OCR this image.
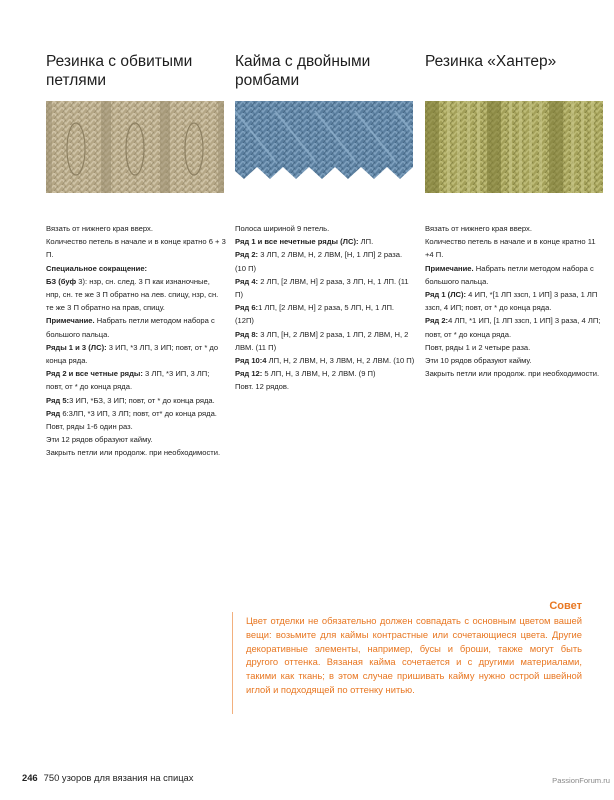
Резинка с обвитыми петлями
Кайма с двойными ромбами
Резинка «Хантер»

Вязать от нижнего края вверх.

Количество петель в начале и в конце кратно 6 + 3 П.

Специальное сокращение:

БЗ (буф 3): нзр, сн. след. 3 П как изнаночные, нпр, сн. те же 3 П обратно на лев. спицу, нзр, сн. те же 3 П обратно на прав, спицу.

Примечание. Набрать петли методом набора с большого пальца.

Ряды 1 и 3 (ЛС): 3 ИП, *3 ЛП, 3 ИП; повт, от * до конца ряда.

Ряд 2 и все четные ряды: 3 ЛП, *3 ИП, 3 ЛП; повт, от * до конца ряда.

Ряд 5:3 ИП, *БЗ, 3 ИП; повт, от * до конца ряда.

Ряд 6:3ЛП, *3 ИП, 3 ЛП; повт, от* до конца ряда.

Повт, ряды 1-6 один раз.

Эти 12 рядов образуют кайму.

Закрыть петли или продолж. при необходимости.

Полоса шириной 9 петель.

Ряд 1 и все нечетные ряды (ЛС): ЛП.

Ряд 2: 3 ЛП, 2 ЛВМ, Н, 2 ЛВМ, [Н, 1 ЛП] 2 раза. (10 П)

Ряд 4: 2 ЛП, [2 ЛВМ, Н] 2 раза, 3 ЛП, Н, 1 ЛП. (11 П)

Ряд 6:1 ЛП, [2 ЛВМ, Н] 2 раза, 5 ЛП, Н, 1 ЛП. (12П)

Ряд 8: 3 ЛП, [Н, 2 ЛВМ] 2 раза, 1 ЛП, 2 ЛВМ, Н, 2 ЛВМ. (11 П)

Ряд 10:4 ЛП, Н, 2 ЛВМ, Н, 3 ЛВМ, Н, 2 ЛВМ. (10 П)

Ряд 12: 5 ЛП, Н, 3 ЛВМ, Н, 2 ЛВМ. (9 П)

Повт. 12 рядов.

Вязать от нижнего края вверх.

Количество петель в начале и в конце кратно 11 +4 П.

Примечание. Набрать петли методом набора с большого пальца.

Ряд 1 (ЛС): 4 ИП, *[1 ЛП ззсп, 1 ИП] 3 раза, 1 ЛП ззсп, 4 ИП; повт, от * до конца ряда.

Ряд 2:4 ЛП, *1 ИП, [1 ЛП ззсп, 1 ИП] 3 раза, 4 ЛП; повт, от * до конца ряда.

Повт, ряды 1 и 2 четыре раза.

Эти 10 рядов образуют кайму.

Закрыть петли или продолж. при необходимости.

Совет

Цвет отделки не обязательно должен совпадать с основным цветом вашей вещи: возьмите для каймы контрастные или сочетающиеся цвета. Другие декоративные элементы, например, бусы и броши, также могут быть другого оттенка. Вязаная кайма сочетается и с другими материалами, такими как ткань; в этом случае пришивать кайму нужно острой швейной иглой и подходящей по оттенку нитью.

246 750 узоров для вязания на спицах	PassionForum.ru
